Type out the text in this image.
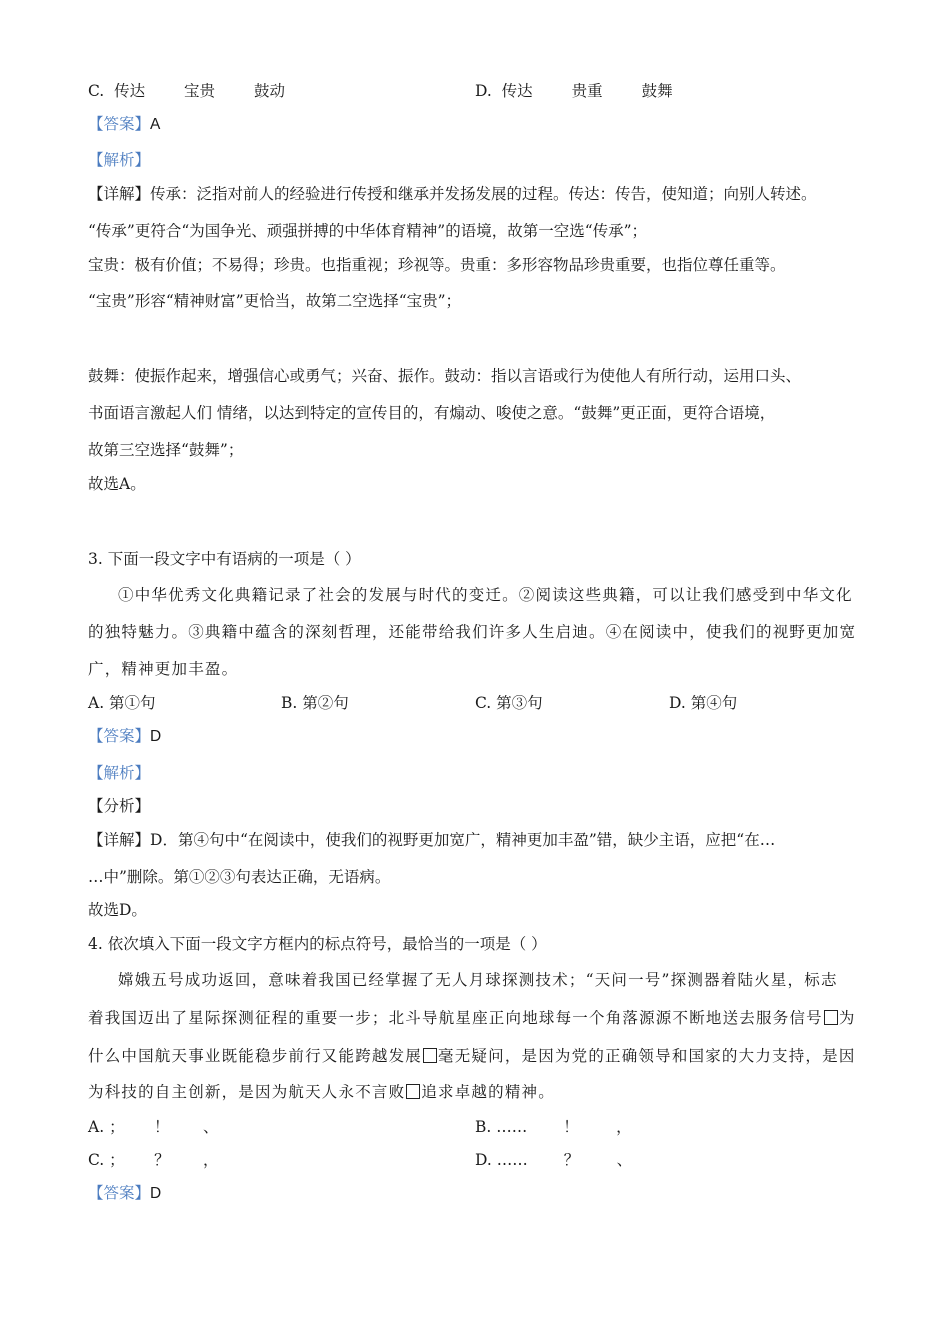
C. 传达	宝贵	鼓动	D. 传达	贵重	鼓舞
【答案】A
【解析】
【详解】传承：泛指对前人的经验进行传授和继承并发扬发展的过程。传达：传告，使知道；向别人转述。
“传承”更符合“为国争光、顽强拼搏的中华体育精神”的语境，故第一空选“传承”；
宝贵：极有价值；不易得；珍贵。也指重视；珍视等。贵重：多形容物品珍贵重要，也指位尊任重等。
“宝贵”形容“精神财富”更恰当，故第二空选择“宝贵”；
鼓舞：使振作起来，增强信心或勇气；兴奋、振作。鼓动：指以言语或行为使他人有所行动，运用口头、
书面语言激起人们 情绪，以达到特定的宣传目的，有煽动、唆使之意。“鼓舞”更正面，更符合语境，
故第三空选择“鼓舞”；
故选A。
3. 下面一段文字中有语病的一项是（ ）
①中华优秀文化典籍记录了社会的发展与时代的变迁。②阅读这些典籍，可以让我们感受到中华文化
的独特魅力。③典籍中蕴含的深刻哲理，还能带给我们许多人生启迪。④在阅读中，使我们的视野更加宽
广，精神更加丰盈。
A. 第①句	B. 第②句	C. 第③句	D. 第④句
【答案】D
【解析】
【分析】
【详解】D．第④句中“在阅读中，使我们的视野更加宽广，精神更加丰盈”错，缺少主语，应把“在…
…中”删除。第①②③句表达正确，无语病。
故选D。
4. 依次填入下面一段文字方框内的标点符号，最恰当的一项是（ ）
嫦娥五号成功返回，意味着我国已经掌握了无人月球探测技术；“天问一号”探测器着陆火星，标志
着我国迈出了星际探测征程的重要一步；北斗导航星座正向地球每一个角落源源不断地送去服务信号 为
什么中国航天事业既能稳步前行又能跨越发展 毫无疑问，是因为党的正确领导和国家的大力支持，是因
为科技的自主创新，是因为航天人永不言败 追求卓越的精神。
A. ； ！ 、	B. …… ！ ，
C. ； ？ ，	D. …… ？ 、
【答案】D
